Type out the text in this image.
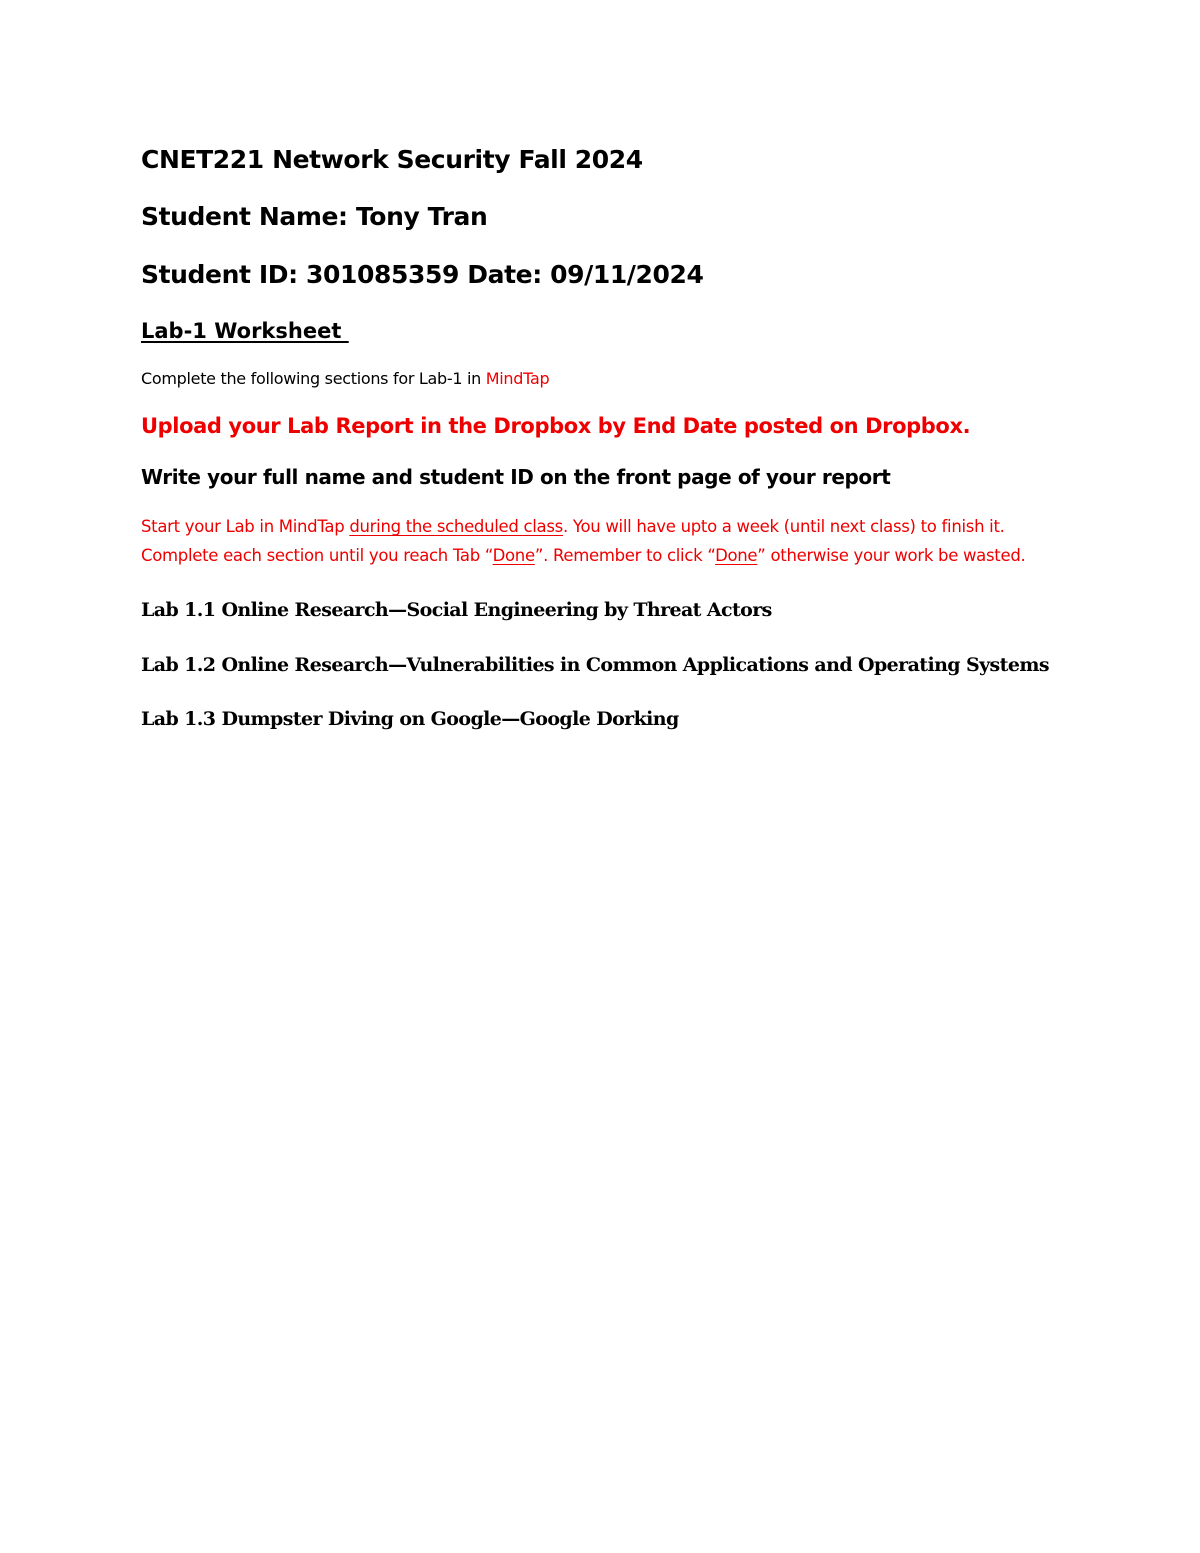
CNET221 Network Security Fall 2024

Student Name: Tony Tran

Student ID: 301085359 Date: 09/11/2024

Lab-1 Worksheet

Complete the following sections for Lab-1 in MindTap

Upload your Lab Report in the Dropbox by End Date posted on Dropbox.

Write your full name and student ID on the front page of your report

Start your Lab in MindTap during the scheduled class. You will have upto a week (until next class) to finish it. Complete each section until you reach Tab “Done”. Remember to click “Done” otherwise your work be wasted.

Lab 1.1 Online Research—Social Engineering by Threat Actors

Lab 1.2 Online Research—Vulnerabilities in Common Applications and Operating Systems

Lab 1.3 Dumpster Diving on Google—Google Dorking
